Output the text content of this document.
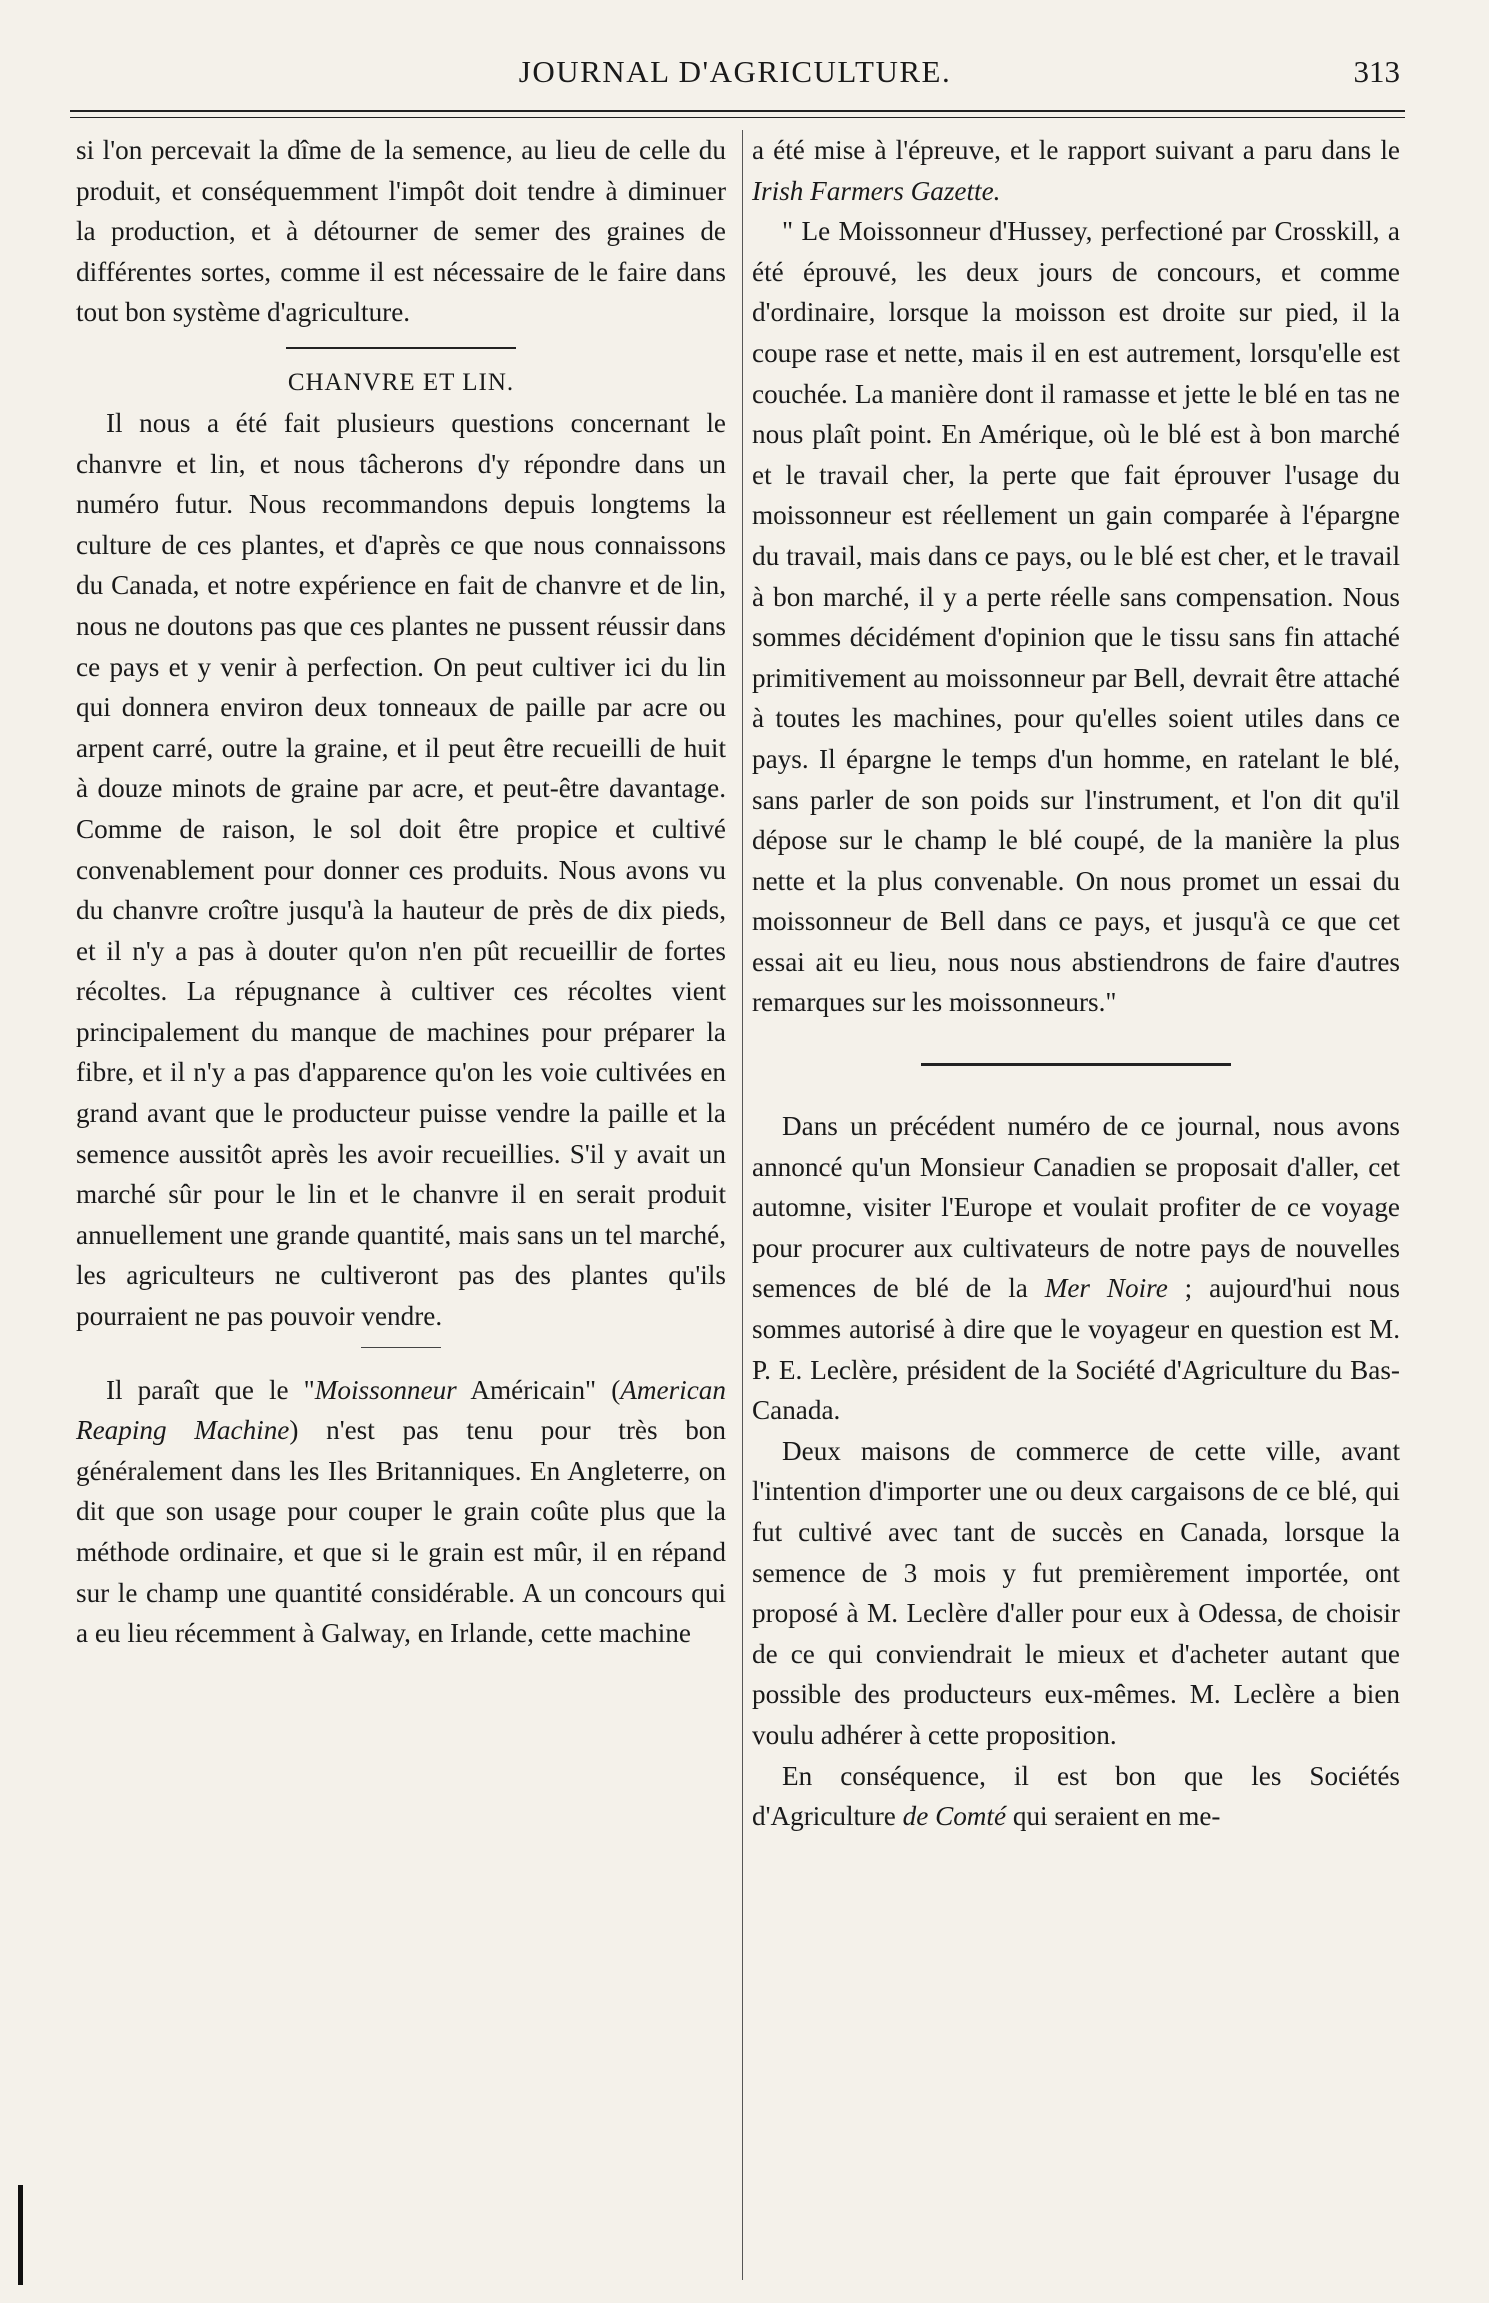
JOURNAL D'AGRICULTURE.	313

si l'on percevait la dîme de la semence, au lieu de celle du produit, et conséquemment l'impôt doit tendre à diminuer la production, et à détourner de semer des graines de différentes sortes, comme il est nécessaire de le faire dans tout bon système d'agriculture.

CHANVRE ET LIN.

Il nous a été fait plusieurs questions concernant le chanvre et lin, et nous tâcherons d'y répondre dans un numéro futur. Nous recommandons depuis longtems la culture de ces plantes, et d'après ce que nous connaissons du Canada, et notre expérience en fait de chanvre et de lin, nous ne doutons pas que ces plantes ne pussent réussir dans ce pays et y venir à perfection. On peut cultiver ici du lin qui donnera environ deux tonneaux de paille par acre ou arpent carré, outre la graine, et il peut être recueilli de huit à douze minots de graine par acre, et peut-être davantage. Comme de raison, le sol doit être propice et cultivé convenablement pour donner ces produits. Nous avons vu du chanvre croître jusqu'à la hauteur de près de dix pieds, et il n'y a pas à douter qu'on n'en pût recueillir de fortes récoltes. La répugnance à cultiver ces récoltes vient principalement du manque de machines pour préparer la fibre, et il n'y a pas d'apparence qu'on les voie cultivées en grand avant que le producteur puisse vendre la paille et la semence aussitôt après les avoir recueillies. S'il y avait un marché sûr pour le lin et le chanvre il en serait produit annuellement une grande quantité, mais sans un tel marché, les agriculteurs ne cultiveront pas des plantes qu'ils pourraient ne pas pouvoir vendre.

Il paraît que le "Moissonneur Américain" (American Reaping Machine) n'est pas tenu pour très bon généralement dans les Iles Britanniques. En Angleterre, on dit que son usage pour couper le grain coûte plus que la méthode ordinaire, et que si le grain est mûr, il en répand sur le champ une quantité considérable. A un concours qui a eu lieu récemment à Galway, en Irlande, cette machine

a été mise à l'épreuve, et le rapport suivant a paru dans le Irish Farmers Gazette.

" Le Moissonneur d'Hussey, perfectioné par Crosskill, a été éprouvé, les deux jours de concours, et comme d'ordinaire, lorsque la moisson est droite sur pied, il la coupe rase et nette, mais il en est autrement, lorsqu'elle est couchée. La manière dont il ramasse et jette le blé en tas ne nous plaît point. En Amérique, où le blé est à bon marché et le travail cher, la perte que fait éprouver l'usage du moissonneur est réellement un gain comparée à l'épargne du travail, mais dans ce pays, ou le blé est cher, et le travail à bon marché, il y a perte réelle sans compensation. Nous sommes décidément d'opinion que le tissu sans fin attaché primitivement au moissonneur par Bell, devrait être attaché à toutes les machines, pour qu'elles soient utiles dans ce pays. Il épargne le temps d'un homme, en ratelant le blé, sans parler de son poids sur l'instrument, et l'on dit qu'il dépose sur le champ le blé coupé, de la manière la plus nette et la plus convenable. On nous promet un essai du moissonneur de Bell dans ce pays, et jusqu'à ce que cet essai ait eu lieu, nous nous abstiendrons de faire d'autres remarques sur les moissonneurs."

Dans un précédent numéro de ce journal, nous avons annoncé qu'un Monsieur Canadien se proposait d'aller, cet automne, visiter l'Europe et voulait profiter de ce voyage pour procurer aux cultivateurs de notre pays de nouvelles semences de blé de la Mer Noire ; aujourd'hui nous sommes autorisé à dire que le voyageur en question est M. P. E. Leclère, président de la Société d'Agriculture du Bas-Canada.

Deux maisons de commerce de cette ville, avant l'intention d'importer une ou deux cargaisons de ce blé, qui fut cultivé avec tant de succès en Canada, lorsque la semence de 3 mois y fut premièrement importée, ont proposé à M. Leclère d'aller pour eux à Odessa, de choisir de ce qui conviendrait le mieux et d'acheter autant que possible des producteurs eux-mêmes. M. Leclère a bien voulu adhérer à cette proposition.

En conséquence, il est bon que les Sociétés d'Agriculture de Comté qui seraient en me-
